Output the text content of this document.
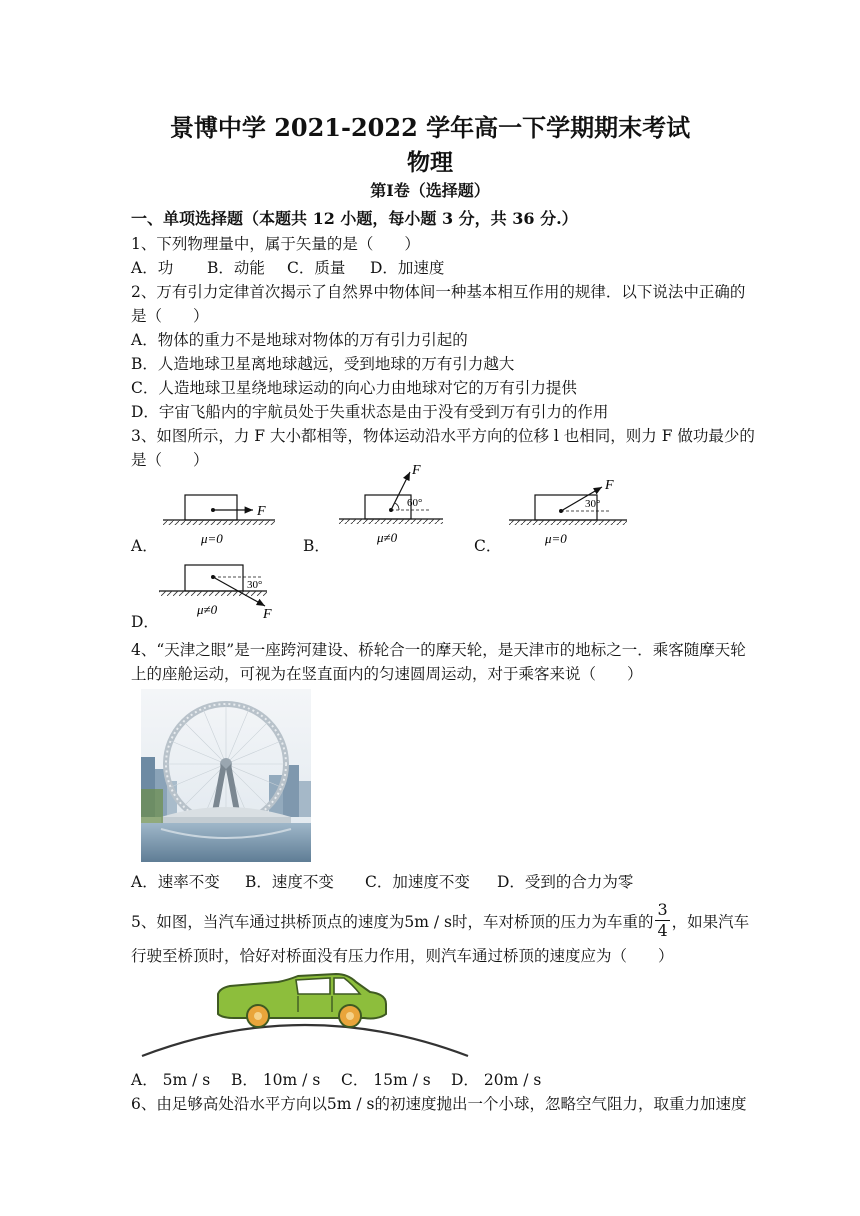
景博中学 2021-2022 学年高一下学期期末考试
物理
第Ⅰ卷（选择题）
一、单项选择题（本题共 12 小题，每小题 3 分，共 36 分.）
1、下列物理量中，属于矢量的是（　　）
A．功 B．动能 C．质量 D．加速度
2、万有引力定律首次揭示了自然界中物体间一种基本相互作用的规律．以下说法中正确的
是（　　）
A．物体的重力不是地球对物体的万有引力引起的
B．人造地球卫星离地球越远，受到地球的万有引力越大
C．人造地球卫星绕地球运动的向心力由地球对它的万有引力提供
D．宇宙飞船内的宇航员处于失重状态是由于没有受到万有引力的作用
3、如图所示，力 F 大小都相等，物体运动沿水平方向的位移 l 也相同，则力 F 做功最少的
是（　　）
A．	B．	C．
D．
F
μ=0
F
60°
μ≠0
F
30°
μ=0
30°
F
μ≠0
4、“天津之眼”是一座跨河建设、桥轮合一的摩天轮，是天津市的地标之一．乘客随摩天轮
上的座舱运动，可视为在竖直面内的匀速圆周运动，对于乘客来说（　　）
A．速率不变 B．速度不变 C．加速度不变 D．受到的合力为零
5、如图，当汽车通过拱桥顶点的速度为5m / s时，车对桥顶的压力为车重的 $\frac{3}{4}$ ，如果汽车
行驶至桥顶时，恰好对桥面没有压力作用，则汽车通过桥顶的速度应为（　　）
A． 5m / s B． 10m / s C． 15m / s D． 20m / s
6、由足够高处沿水平方向以5m / s的初速度抛出一个小球，忽略空气阻力，取重力加速度
